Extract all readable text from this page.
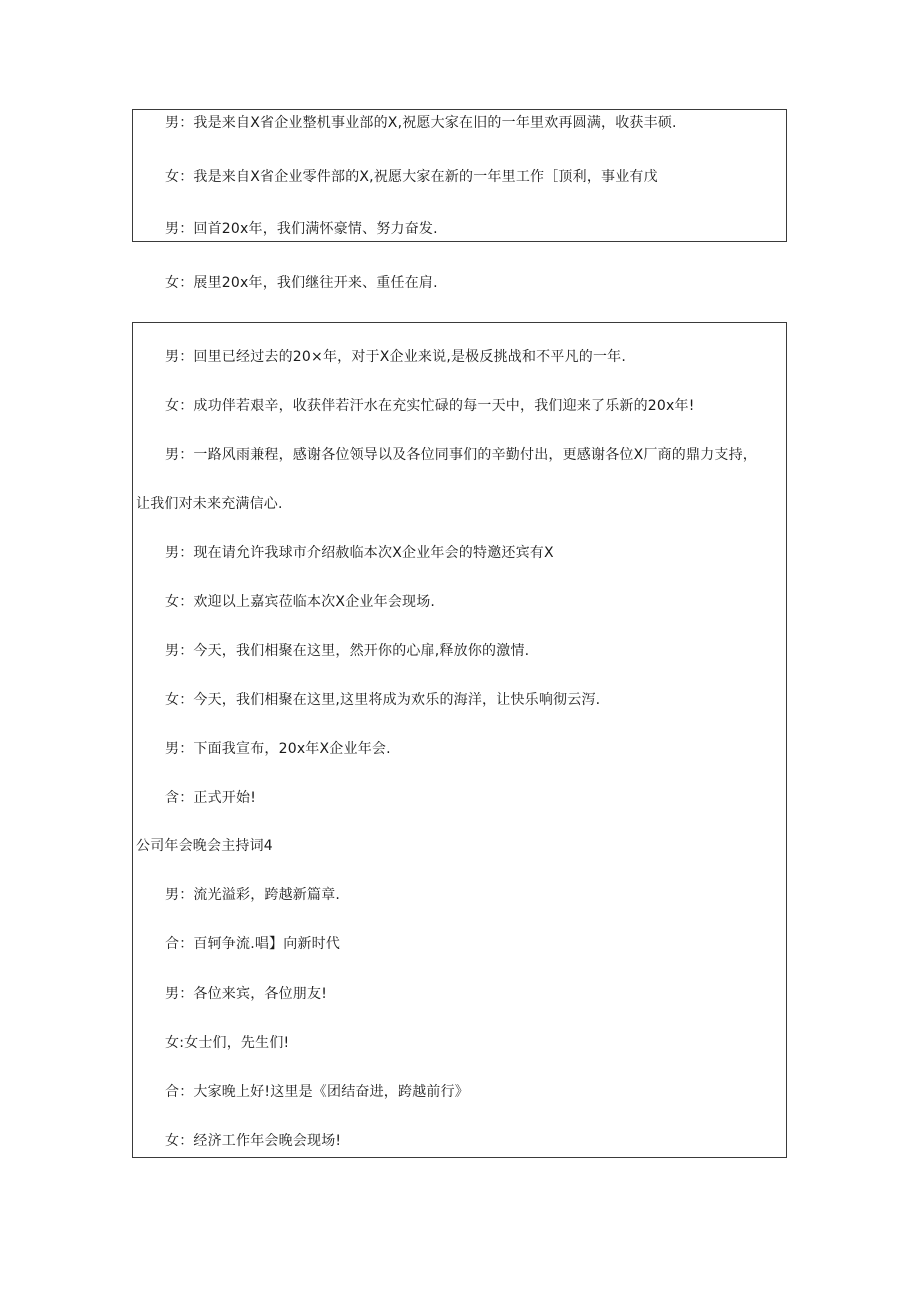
男：我是来自X省企业整机事业部的X,祝愿大家在旧的一年里欢再圆满，收获丰硕.
女：我是来自X省企业零件部的X,祝愿大家在新的一年里工作［顶利，事业有戊
男：回首20x年，我们满怀豪情、努力奋发.
女：展里20x年，我们继往开来、重任在肩.
男：回里已经过去的20×年，对于X企业来说,是极反挑战和不平凡的一年.
女：成功伴若艰辛，收获伴若汗水在充实忙碌的每一天中，我们迎来了乐新的20x年!
男：一路风雨兼程，感谢各位领导以及各位同事们的辛勤付出，更感谢各位X厂商的鼎力支持，
让我们对未来充满信心.
男：现在请允许我球市介绍赦临本次X企业年会的特邀还宾有X
女：欢迎以上嘉宾莅临本次X企业年会现场.
男：今天，我们相聚在这里，然开你的心扉,释放你的激情.
女：今天，我们相聚在这里,这里将成为欢乐的海洋，让快乐响彻云泻.
男：下面我宣布，20x年X企业年会.
含：正式开始!
公司年会晚会主持词4
男：流光溢彩，跨越新篇章.
合：百轲争流.唱】向新时代
男：各位来宾，各位朋友!
女:女士们，先生们!
合：大家晚上好!这里是《团结奋进，跨越前行》
女：经济工作年会晚会现场!
